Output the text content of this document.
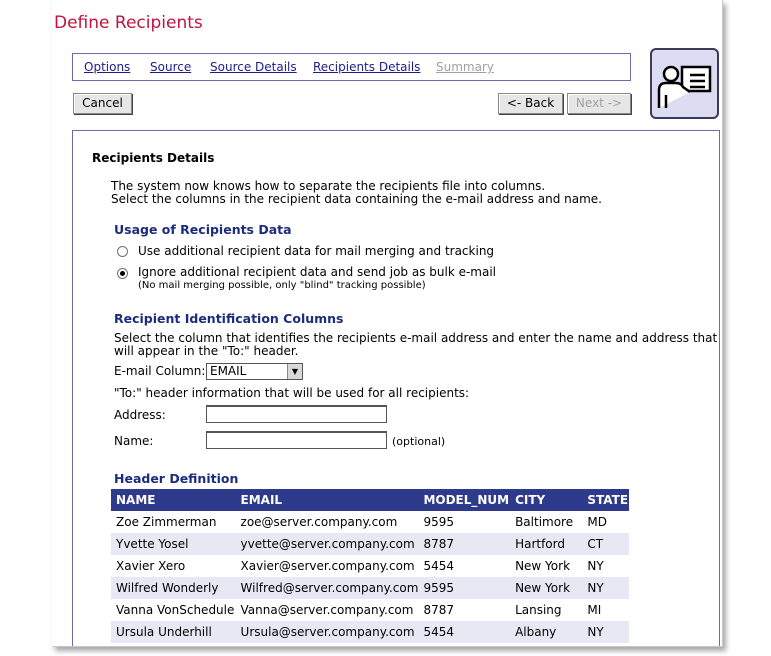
Define Recipients
Options Source Source Details Recipients Details Summary
Cancel	<- Back	Next ->
Recipients Details
The system now knows how to separate the recipients file into columns.
Select the columns in the recipient data containing the e-mail address and name.
Usage of Recipients Data
Use additional recipient data for mail merging and tracking
Ignore additional recipient data and send job as bulk e-mail
(No mail merging possible, only "blind" tracking possible)
Recipient Identification Columns
Select the column that identifies the recipients e-mail address and enter the name and address that
will appear in the "To:" header.
E-mail Column: EMAIL	▼
"To:" header information that will be used for all recipients:
Address:
Name:	(optional)
Header Definition
NAME	EMAIL	MODEL_NUM	CITY	STATE
Zoe Zimmerman	zoe@server.company.com	9595	Baltimore	MD
Yvette Yosel	yvette@server.company.com	8787	Hartford	CT
Xavier Xero	Xavier@server.company.com	5454	New York	NY
Wilfred Wonderly	Wilfred@server.company.com	9595	New York	NY
Vanna VonSchedule	Vanna@server.company.com	8787	Lansing	MI
Ursula Underhill	Ursula@server.company.com	5454	Albany	NY
